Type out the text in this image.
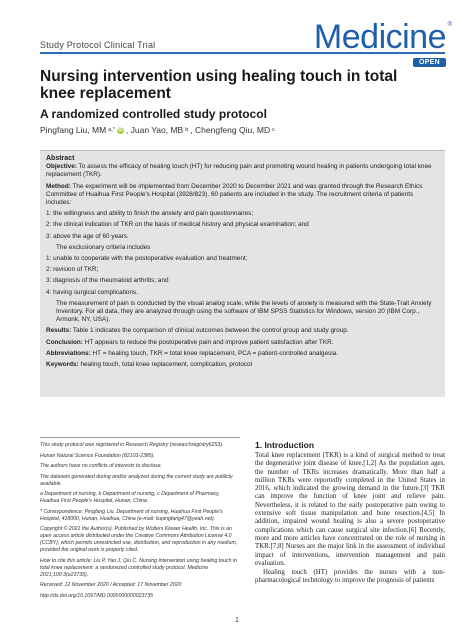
Study Protocol Clinical Trial	Medicine ®
OPEN
Nursing intervention using healing touch in total knee replacement
A randomized controlled study protocol
Pingfang Liu, MM a,* iD , Juan Yao, MB b , Chengfeng Qiu, MD c
Abstract

Objective: To assess the efficacy of healing touch (HT) for reducing pain and promoting wound healing in patients undergoing total knee replacement (TKR).

Method: The experiment will be implemented from December 2020 to December 2021 and was granted through the Research Ethics Committee of Huaihua First People's Hospital (3928/823). 60 patients are included in the study. The recruitment criteria of patients includes:

1: the willingness and ability to finish the anxiety and pain questionnaires;
2: the clinical indication of TKR on the basis of medical history and physical examination; and
3: above the age of 60 years.
The exclusionary criteria includes
1: unable to cooperate with the postoperative evaluation and treatment;
2: revision of TKR;
3: diagnosis of the rheumatoid arthritis; and
4: having surgical complications.

The measurement of pain is conducted by the visual analog scale, while the levels of anxiety is measured with the State-Trait Anxiety Inventory. For all data, they are analyzed through using the software of IBM SPSS Statistics for Windows, version 20 (IBM Corp., Armonk, NY, USA).

Results: Table 1 indicates the comparison of clinical outcomes between the control group and study group.

Conclusion: HT appears to reduce the postoperative pain and improve patient satisfaction after TKR.

Abbreviations: HT = healing touch, TKR = total knee replacement, PCA = patient-controlled analgesia.

Keywords: healing touch, total knee replacement, complication, protocol

This study protocol was registered in Research Registry (researchregistry6253).

Hunan Natural Science Foundation (82103-2385).

The authors have no conflicts of interests to disclose.

The datasets generated during and/or analyzed during the current study are publicly available.

a Department of nursing, b Department of nursing, c Department of Pharmacy, Huaihua First People's Hospital, Hunan, China.

* Correspondence: Pingfang Liu, Department of nursing, Huaihua First People's Hospital, 418000, Hunan, Huaihua, China (e-mail: liupingfang47@yeah.net).

Copyright © 2021 the Author(s). Published by Wolters Kluwer Health, Inc. This is an open access article distributed under the Creative Commons Attribution License 4.0 (CCBY), which permits unrestricted use, distribution, and reproduction in any medium, provided the original work is properly cited.

How to cite this article: Liu P, Yao J, Qiu C. Nursing intervention using healing touch in total knee replacement: a randomized controlled study protocol. Medicine 2021;100:3(e23735).

Received: 12 November 2020 / Accepted: 17 November 2020

http://dx.doi.org/10.1097/MD.0000000000023735

1. Introduction

Total knee replacement (TKR) is a kind of surgical method to treat the degenerative joint disease of knee.[1,2] As the population ages, the number of TKRs increases dramatically. More than half a million TKRs were reportedly completed in the United States in 2016, which indicated the growing demand in the future.[3] TKR can improve the function of knee joint and relieve pain. Nevertheless, it is related to the early postoperative pain owing to extensive soft tissue manipulation and bone resection.[4,5] In addition, impaired wound healing is also a severe postoperative complications which can cause surgical site infection.[6] Recently, more and more articles have concentrated on the role of nursing in TKR.[7,8] Nurses are the major link in the assessment of individual impact of interventions, intervention management and pain evaluation.

Healing touch (HT) provides the nurses with a non-pharmacological technology to improve the prognosis of patients

1
